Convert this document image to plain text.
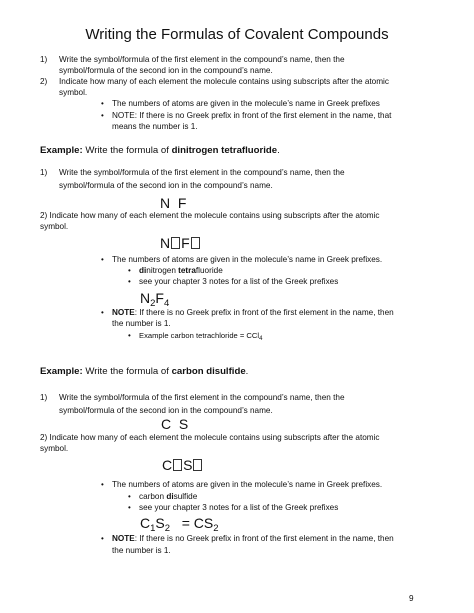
Writing the Formulas of Covalent Compounds
1) Write the symbol/formula of the first element in the compound’s name, then the
symbol/formula of the second ion in the compound’s name.
2) Indicate how many of each element the molecule contains using subscripts after the atomic
symbol.
• The numbers of atoms are given in the molecule’s name in Greek prefixes
• NOTE: If there is no Greek prefix in front of the first element in the name, that
means the number is 1.
Example: Write the formula of dinitrogen tetrafluoride.
1) Write the symbol/formula of the first element in the compound’s name, then the
symbol/formula of the second ion in the compound’s name.
N F
2) Indicate how many of each element the molecule contains using subscripts after the atomic
symbol.
N F
• The numbers of atoms are given in the molecule’s name in Greek prefixes.
• dinitrogen tetrafluoride
• see your chapter 3 notes for a list of the Greek prefixes
$N_2F_4$
• NOTE: If there is no Greek prefix in front of the first element in the name, then
the number is 1.
• Example carbon tetrachloride = CCl$_4$
Example: Write the formula of carbon disulfide.
1) Write the symbol/formula of the first element in the compound’s name, then the
symbol/formula of the second ion in the compound’s name.
C S
2) Indicate how many of each element the molecule contains using subscripts after the atomic
symbol.
C S
• The numbers of atoms are given in the molecule’s name in Greek prefixes.
• carbon disulfide
• see your chapter 3 notes for a list of the Greek prefixes
$C_1S_2 = CS_2$
• NOTE: If there is no Greek prefix in front of the first element in the name, then
the number is 1.
9
